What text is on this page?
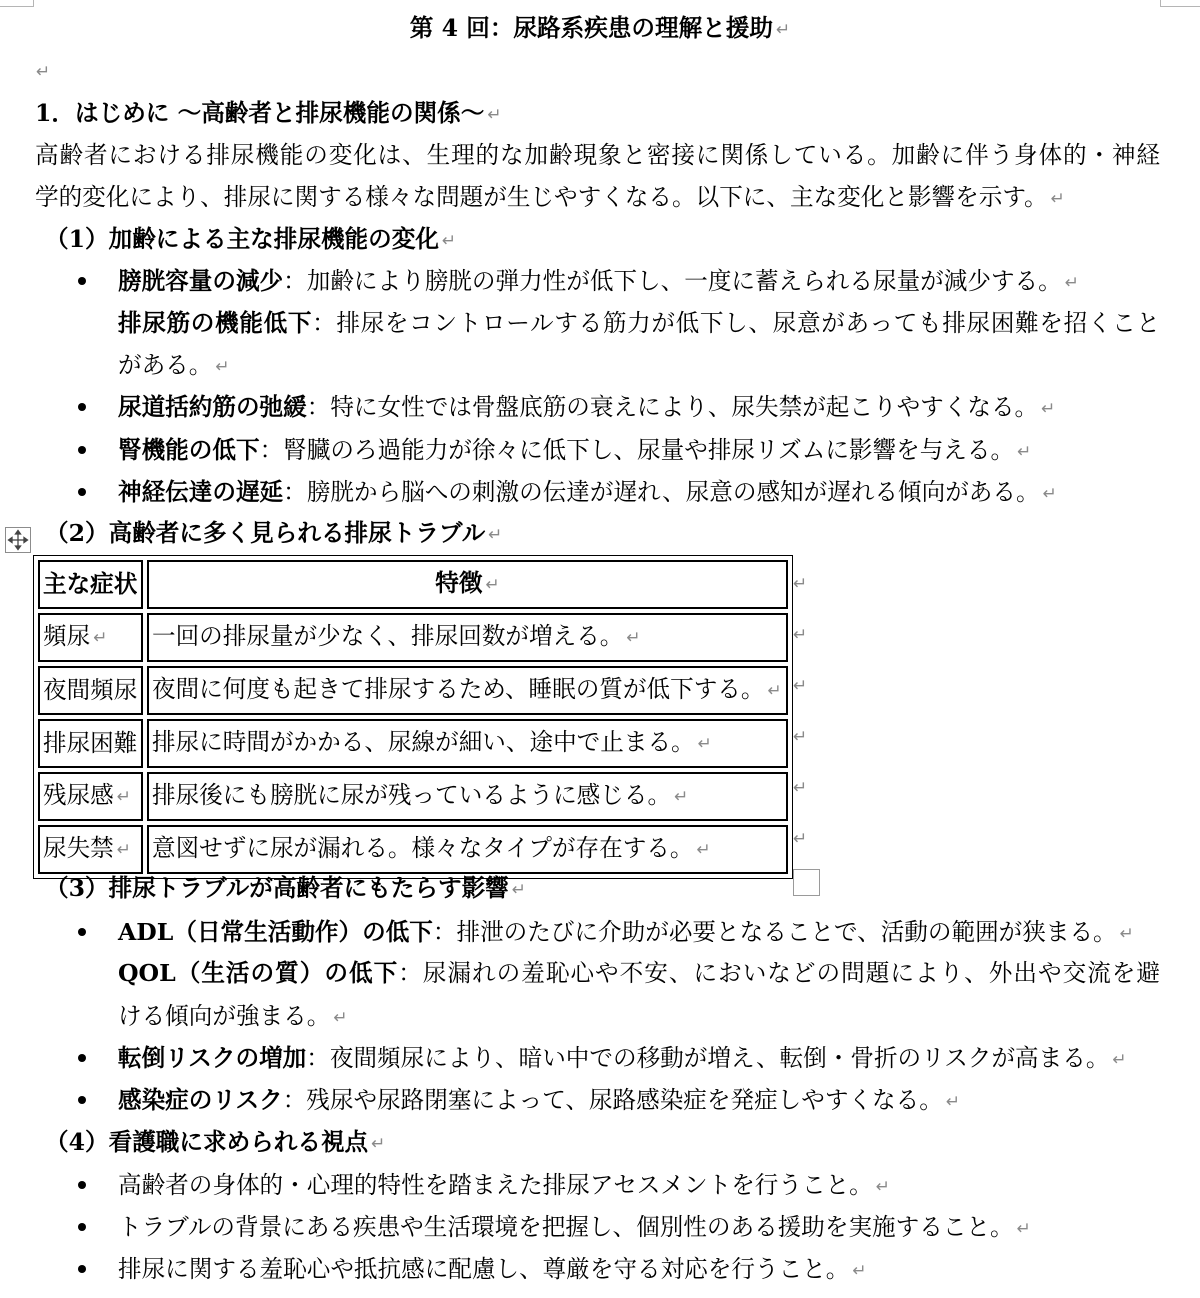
第 4 回：尿路系疾患の理解と援助 ↵
↵
1．はじめに ～高齢者と排尿機能の関係～ ↵
高齢者における排尿機能の変化は、生理的な加齢現象と密接に関係している。加齢に伴う身体的・神経
学的変化により、排尿に関する様々な問題が生じやすくなる。以下に、主な変化と影響を示す。 ↵
（1）加齢による主な排尿機能の変化 ↵
膀胱容量の減少：加齢により膀胱の弾力性が低下し、一度に蓄えられる尿量が減少する。 ↵
排尿筋の機能低下：排尿をコントロールする筋力が低下し、尿意があっても排尿困難を招くこと
がある。 ↵
尿道括約筋の弛緩：特に女性では骨盤底筋の衰えにより、尿失禁が起こりやすくなる。 ↵
腎機能の低下：腎臓のろ過能力が徐々に低下し、尿量や排尿リズムに影響を与える。 ↵
神経伝達の遅延：膀胱から脳への刺激の伝達が遅れ、尿意の感知が遅れる傾向がある。 ↵
（2）高齢者に多く見られる排尿トラブル ↵
主な症状	特徴 ↵
頻尿 ↵	一回の排尿量が少なく、排尿回数が増える。 ↵
夜間頻尿	夜間に何度も起きて排尿するため、睡眠の質が低下する。 ↵
排尿困難	排尿に時間がかかる、尿線が細い、途中で止まる。 ↵
残尿感 ↵	排尿後にも膀胱に尿が残っているように感じる。 ↵
尿失禁 ↵	意図せずに尿が漏れる。様々なタイプが存在する。 ↵
↵
↵
↵
↵
↵
↵
（3）排尿トラブルが高齢者にもたらす影響 ↵
ADL（日常生活動作）の低下：排泄のたびに介助が必要となることで、活動の範囲が狭まる。 ↵
QOL（生活の質）の低下：尿漏れの羞恥心や不安、においなどの問題により、外出や交流を避
ける傾向が強まる。 ↵
転倒リスクの増加：夜間頻尿により、暗い中での移動が増え、転倒・骨折のリスクが高まる。 ↵
感染症のリスク：残尿や尿路閉塞によって、尿路感染症を発症しやすくなる。 ↵
（4）看護職に求められる視点 ↵
高齢者の身体的・心理的特性を踏まえた排尿アセスメントを行うこと。 ↵
トラブルの背景にある疾患や生活環境を把握し、個別性のある援助を実施すること。 ↵
排尿に関する羞恥心や抵抗感に配慮し、尊厳を守る対応を行うこと。 ↵
